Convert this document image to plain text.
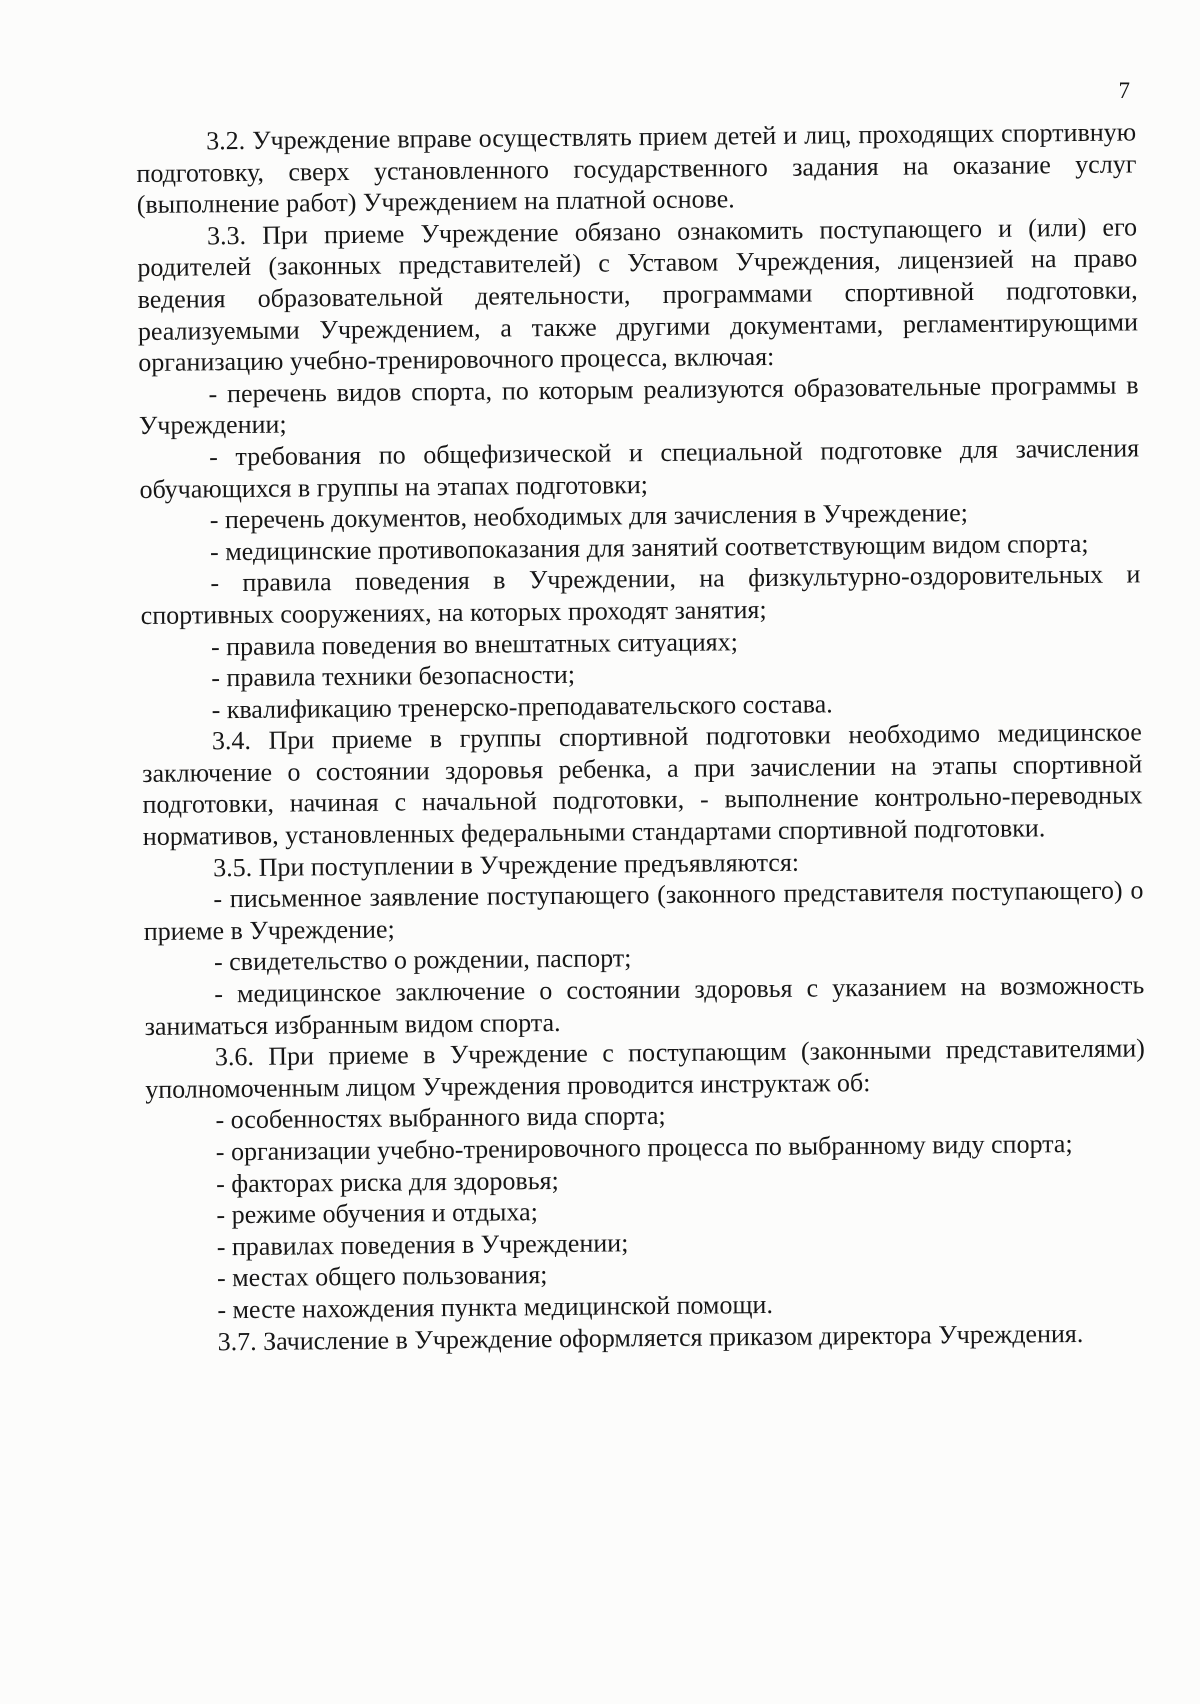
7

3.2. Учреждение вправе осуществлять прием детей и лиц, проходящих спортивную подготовку, сверх установленного государственного задания на оказание услуг (выполнение работ) Учреждением на платной основе.

3.3. При приеме Учреждение обязано ознакомить поступающего и (или) его родителей (законных представителей) с Уставом Учреждения, лицензией на право ведения образовательной деятельности, программами спортивной подготовки, реализуемыми Учреждением, а также другими документами, регламентирующими организацию учебно-тренировочного процесса, включая:

- перечень видов спорта, по которым реализуются образовательные программы в Учреждении;

- требования по общефизической и специальной подготовке для зачисления обучающихся в группы на этапах подготовки;

- перечень документов, необходимых для зачисления в Учреждение;

- медицинские противопоказания для занятий соответствующим видом спорта;

- правила поведения в Учреждении, на физкультурно-оздоровительных и спортивных сооружениях, на которых проходят занятия;

- правила поведения во внештатных ситуациях;

- правила техники безопасности;

- квалификацию тренерско-преподавательского состава.

3.4. При приеме в группы спортивной подготовки необходимо медицинское заключение о состоянии здоровья ребенка, а при зачислении на этапы спортивной подготовки, начиная с начальной подготовки, - выполнение контрольно-переводных нормативов, установленных федеральными стандартами спортивной подготовки.

3.5. При поступлении в Учреждение предъявляются:

- письменное заявление поступающего (законного представителя поступающего) о приеме в Учреждение;

- свидетельство о рождении, паспорт;

- медицинское заключение о состоянии здоровья с указанием на возможность заниматься избранным видом спорта.

3.6. При приеме в Учреждение с поступающим (законными представителями) уполномоченным лицом Учреждения проводится инструктаж об:

- особенностях выбранного вида спорта;

- организации учебно-тренировочного процесса по выбранному виду спорта;

- факторах риска для здоровья;

- режиме обучения и отдыха;

- правилах поведения в Учреждении;

- местах общего пользования;

- месте нахождения пункта медицинской помощи.

3.7. Зачисление в Учреждение оформляется приказом директора Учреждения.
